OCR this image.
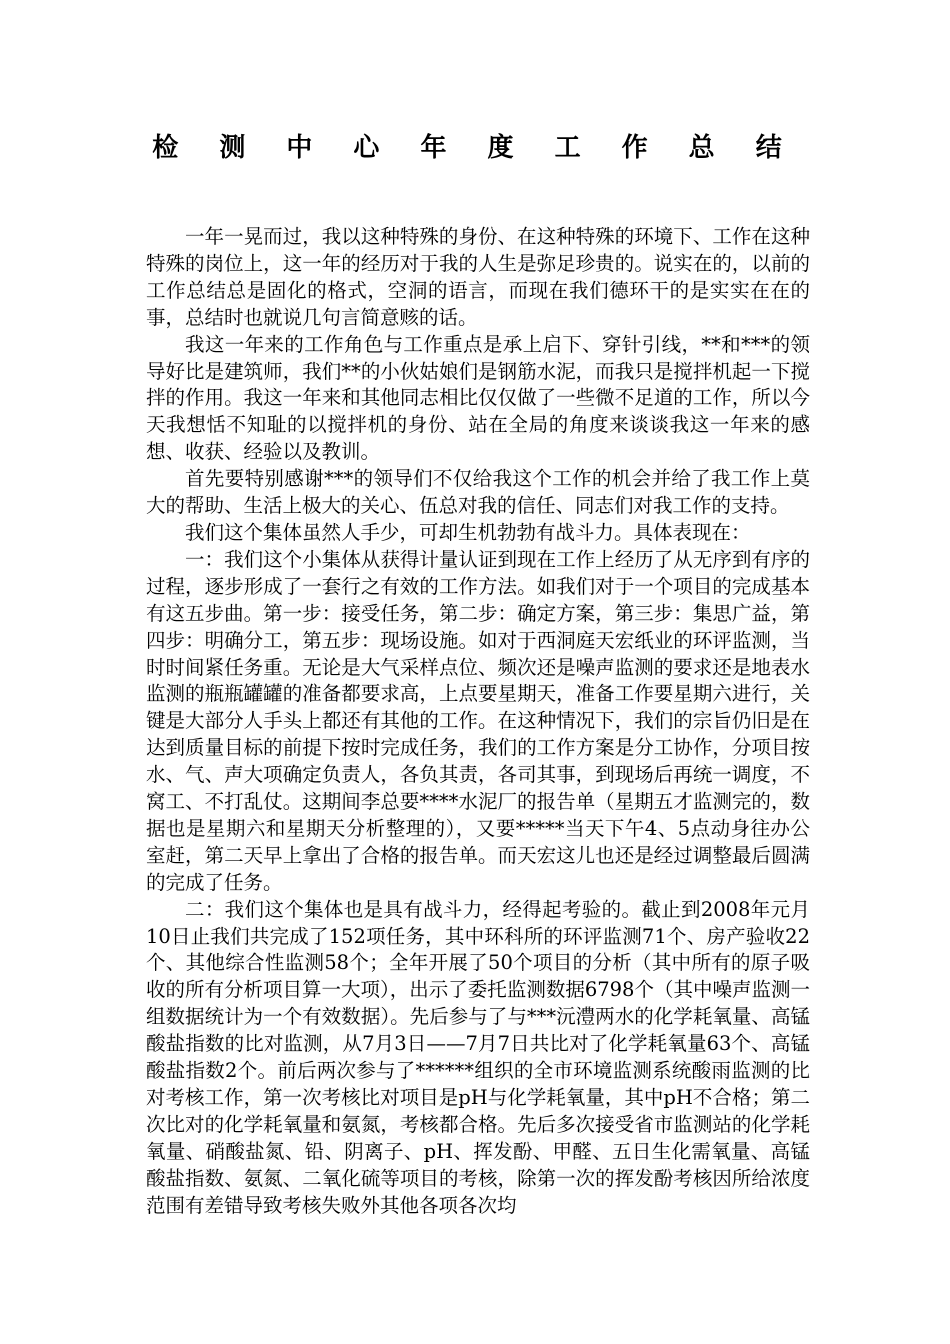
检 测 中 心 年 度 工 作 总 结

一年一晃而过，我以这种特殊的身份、在这种特殊的环境下、工作在这种特殊的岗位上，这一年的经历对于我的人生是弥足珍贵的。说实在的，以前的工作总结总是固化的格式，空洞的语言，而现在我们德环干的是实实在在的事，总结时也就说几句言简意赅的话。

我这一年来的工作角色与工作重点是承上启下、穿针引线，**和***的领导好比是建筑师，我们**的小伙姑娘们是钢筋水泥，而我只是搅拌机起一下搅拌的作用。我这一年来和其他同志相比仅仅做了一些微不足道的工作，所以今天我想恬不知耻的以搅拌机的身份、站在全局的角度来谈谈我这一年来的感想、收获、经验以及教训。

首先要特别感谢***的领导们不仅给我这个工作的机会并给了我工作上莫大的帮助、生活上极大的关心、伍总对我的信任、同志们对我工作的支持。

我们这个集体虽然人手少，可却生机勃勃有战斗力。具体表现在：

一：我们这个小集体从获得计量认证到现在工作上经历了从无序到有序的过程，逐步形成了一套行之有效的工作方法。如我们对于一个项目的完成基本有这五步曲。第一步：接受任务，第二步：确定方案，第三步：集思广益，第四步：明确分工，第五步：现场设施。如对于西洞庭天宏纸业的环评监测，当时时间紧任务重。无论是大气采样点位、频次还是噪声监测的要求还是地表水监测的瓶瓶罐罐的准备都要求高，上点要星期天，准备工作要星期六进行，关键是大部分人手头上都还有其他的工作。在这种情况下，我们的宗旨仍旧是在达到质量目标的前提下按时完成任务，我们的工作方案是分工协作，分项目按水、气、声大项确定负责人，各负其责，各司其事，到现场后再统一调度，不窝工、不打乱仗。这期间李总要****水泥厂的报告单（星期五才监测完的，数据也是星期六和星期天分析整理的），又要*****当天下午4、5点动身往办公室赶，第二天早上拿出了合格的报告单。而天宏这儿也还是经过调整最后圆满的完成了任务。

二：我们这个集体也是具有战斗力，经得起考验的。截止到2008年元月10日止我们共完成了152项任务，其中环科所的环评监测71个、房产验收22个、其他综合性监测58个；全年开展了50个项目的分析（其中所有的原子吸收的所有分析项目算一大项），出示了委托监测数据6798个（其中噪声监测一组数据统计为一个有效数据）。先后参与了与***沅澧两水的化学耗氧量、高锰酸盐指数的比对监测，从7月3日——7月7日共比对了化学耗氧量63个、高锰酸盐指数2个。前后两次参与了******组织的全市环境监测系统酸雨监测的比对考核工作，第一次考核比对项目是pH与化学耗氧量，其中pH不合格；第二次比对的化学耗氧量和氨氮，考核都合格。先后多次接受省市监测站的化学耗氧量、硝酸盐氮、铅、阴离子、pH、挥发酚、甲醛、五日生化需氧量、高锰酸盐指数、氨氮、二氧化硫等项目的考核，除第一次的挥发酚考核因所给浓度范围有差错导致考核失败外其他各项各次均
